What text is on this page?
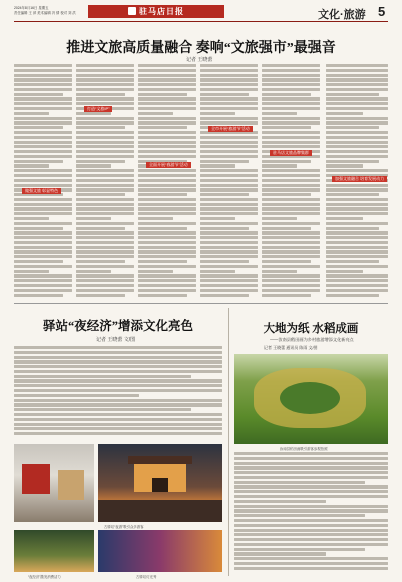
2024年8月16日 星期五
责任编辑 王 萍 美术编辑 冯 倩 校对 刘 洪	驻马店日报	文化·旅游 5
推进文旅高质量融合 奏响“文旅强市”最强音
记者 王晓蕾
做强文旅 彰显特色
打造“文旅IP”
全面开展“春游节”活动
全市开展“旅游节”活动
驻马店文旅品牌集群
加强文旅融合 培育发展动力
驿站“夜经济”增添文化亮色
记者 王晓蕾 文/图
古驿站“夜游”吸引众多游客
“夜经济”激发消费活力	古驿站灯光秀
大地为纸 水稻成画
——汝南县稻田画为乡村旅游增添文化新亮点
记者 王晓蕾 通讯员 陈雨 文/图
汝南县稻田画吸引游客参观拍照
